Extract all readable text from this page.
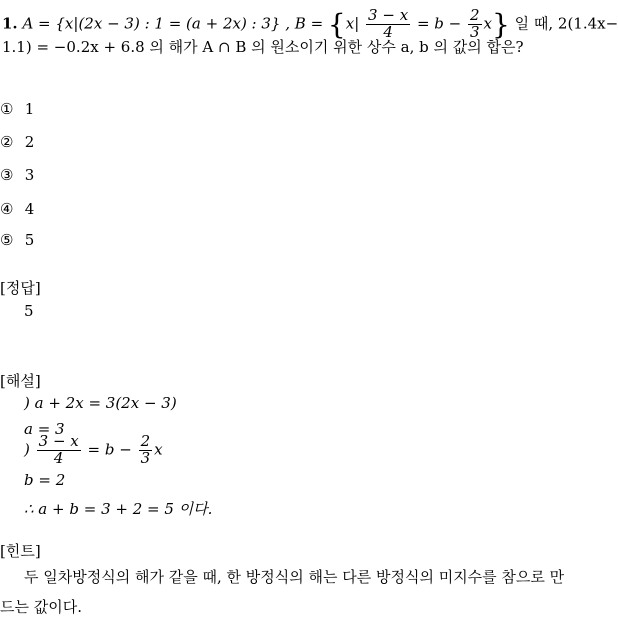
1. A = {x|(2x − 3) : 1 = (a + 2x) : 3} , $B = \{x| \frac{3 - x}{4} = b - \frac{2}{3} x\}$ 일 때, 2(1.4x−
1.1) = −0.2x + 6.8 의 해가 A ∩ B 의 원소이기 위한 상수 a, b 의 값의 합은?
① 1
② 2
③ 3
④ 4
⑤ 5
[정답]
5
[해설]
) a + 2x = 3(2x − 3)
a = 3
) $\frac{3 - x}{4} = b - \frac{2}{3}$ x
b = 2
∴ a + b = 3 + 2 = 5 이다.
[힌트]
두 일차방정식의 해가 같을 때, 한 방정식의 해는 다른 방정식의 미지수를 참으로 만드는 값이다.
